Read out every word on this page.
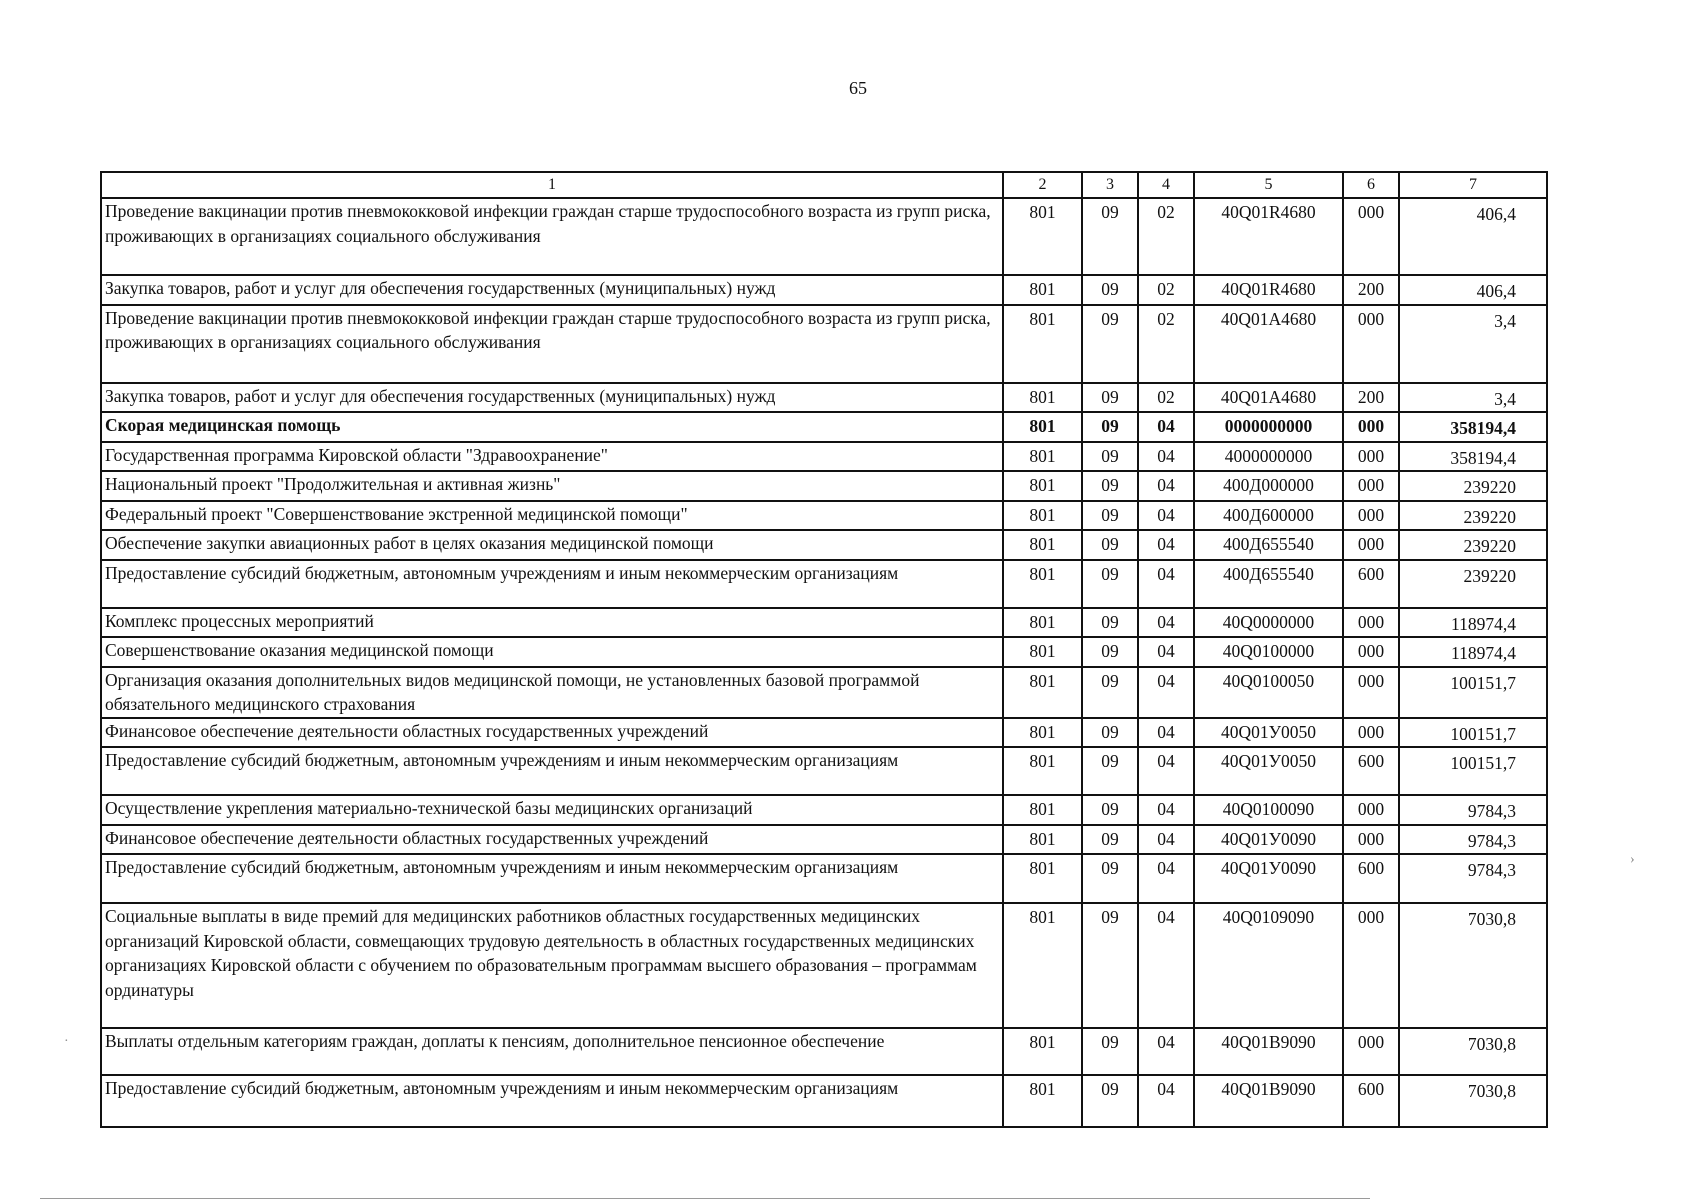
65
1	2	3	4	5	6	7
Проведение вакцинации против пневмококковой инфекции граждан старше трудоспособного возраста из групп риска, проживающих в организациях социального обслуживания	801	09	02	40Q01R4680	000	406,4
Закупка товаров, работ и услуг для обеспечения государственных (муниципальных) нужд	801	09	02	40Q01R4680	200	406,4
Проведение вакцинации против пневмококковой инфекции граждан старше трудоспособного возраста из групп риска, проживающих в организациях социального обслуживания	801	09	02	40Q01A4680	000	3,4
Закупка товаров, работ и услуг для обеспечения государственных (муниципальных) нужд	801	09	02	40Q01A4680	200	3,4
Скорая медицинская помощь	801	09	04	0000000000	000	358194,4
Государственная программа Кировской области "Здравоохранение"	801	09	04	4000000000	000	358194,4
Национальный проект "Продолжительная и активная жизнь"	801	09	04	400Д000000	000	239220
Федеральный проект "Совершенствование экстренной медицинской помощи"	801	09	04	400Д600000	000	239220
Обеспечение закупки авиационных работ в целях оказания медицинской помощи	801	09	04	400Д655540	000	239220
Предоставление субсидий бюджетным, автономным учреждениям и иным некоммерческим организациям	801	09	04	400Д655540	600	239220
Комплекс процессных мероприятий	801	09	04	40Q0000000	000	118974,4
Совершенствование оказания медицинской помощи	801	09	04	40Q0100000	000	118974,4
Организация оказания дополнительных видов медицинской помощи, не установленных базовой программой обязательного медицинского страхования	801	09	04	40Q0100050	000	100151,7
Финансовое обеспечение деятельности областных государственных учреждений	801	09	04	40Q01У0050	000	100151,7
Предоставление субсидий бюджетным, автономным учреждениям и иным некоммерческим организациям	801	09	04	40Q01У0050	600	100151,7
Осуществление укрепления материально-технической базы медицинских организаций	801	09	04	40Q0100090	000	9784,3
Финансовое обеспечение деятельности областных государственных учреждений	801	09	04	40Q01У0090	000	9784,3
Предоставление субсидий бюджетным, автономным учреждениям и иным некоммерческим организациям	801	09	04	40Q01У0090	600	9784,3
Социальные выплаты в виде премий для медицинских работников областных государственных медицинских организаций Кировской области, совмещающих трудовую деятельность в областных государственных медицинских организациях Кировской области с обучением по образовательным программам высшего образования – программам ординатуры	801	09	04	40Q0109090	000	7030,8
Выплаты отдельным категориям граждан, доплаты к пенсиям, дополнительное пенсионное обеспечение	801	09	04	40Q01В9090	000	7030,8
Предоставление субсидий бюджетным, автономным учреждениям и иным некоммерческим организациям	801	09	04	40Q01В9090	600	7030,8
›
·
